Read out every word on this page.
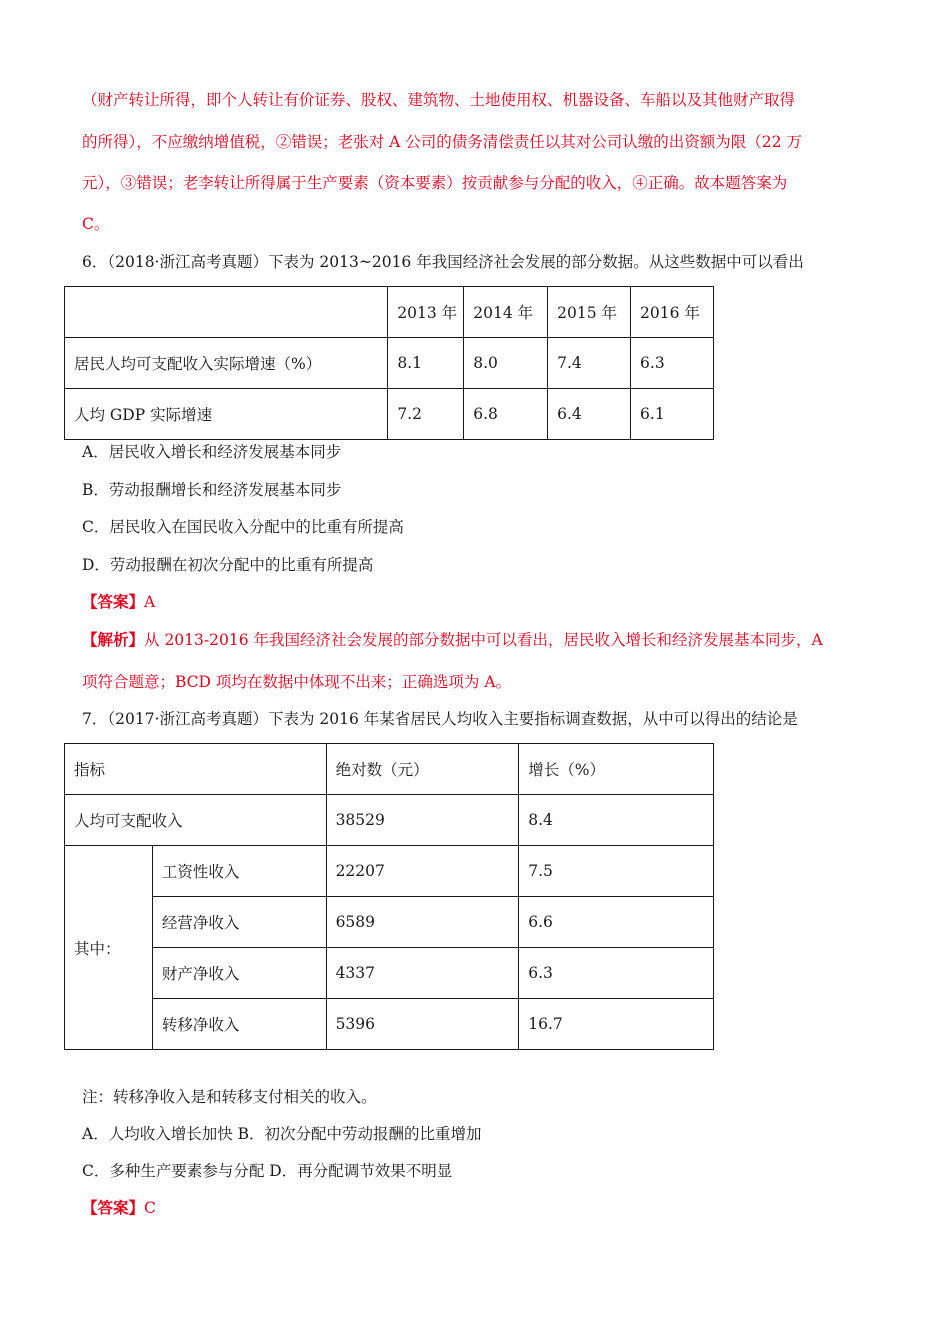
（财产转让所得，即个人转让有价证券、股权、建筑物、土地使用权、机器设备、车船以及其他财产取得
的所得），不应缴纳增值税，②错误；老张对 A 公司的债务清偿责任以其对公司认缴的出资额为限（22 万
元），③错误；老李转让所得属于生产要素（资本要素）按贡献参与分配的收入，④正确。故本题答案为
C。
6．（2018·浙江高考真题）下表为 2013~2016 年我国经济社会发展的部分数据。从这些数据中可以看出
	2013 年	2014 年	2015 年	2016 年
居民人均可支配收入实际增速（%）	8.1	8.0	7.4	6.3
人均 GDP 实际增速	7.2	6.8	6.4	6.1
A．居民收入增长和经济发展基本同步
B．劳动报酬增长和经济发展基本同步
C．居民收入在国民收入分配中的比重有所提高
D．劳动报酬在初次分配中的比重有所提高
【答案】A
【解析】从 2013-2016 年我国经济社会发展的部分数据中可以看出，居民收入增长和经济发展基本同步，A
项符合题意；BCD 项均在数据中体现不出来；正确选项为 A。
7．（2017·浙江高考真题）下表为 2016 年某省居民人均收入主要指标调查数据，从中可以得出的结论是
指标		绝对数（元）	增长（%）
人均可支配收入		38529	8.4
其中：	工资性收入	22207	7.5
	经营净收入	6589	6.6
	财产净收入	4337	6.3
	转移净收入	5396	16.7
注：转移净收入是和转移支付相关的收入。
A．人均收入增长加快 B．初次分配中劳动报酬的比重增加
C．多种生产要素参与分配 D．再分配调节效果不明显
【答案】C
